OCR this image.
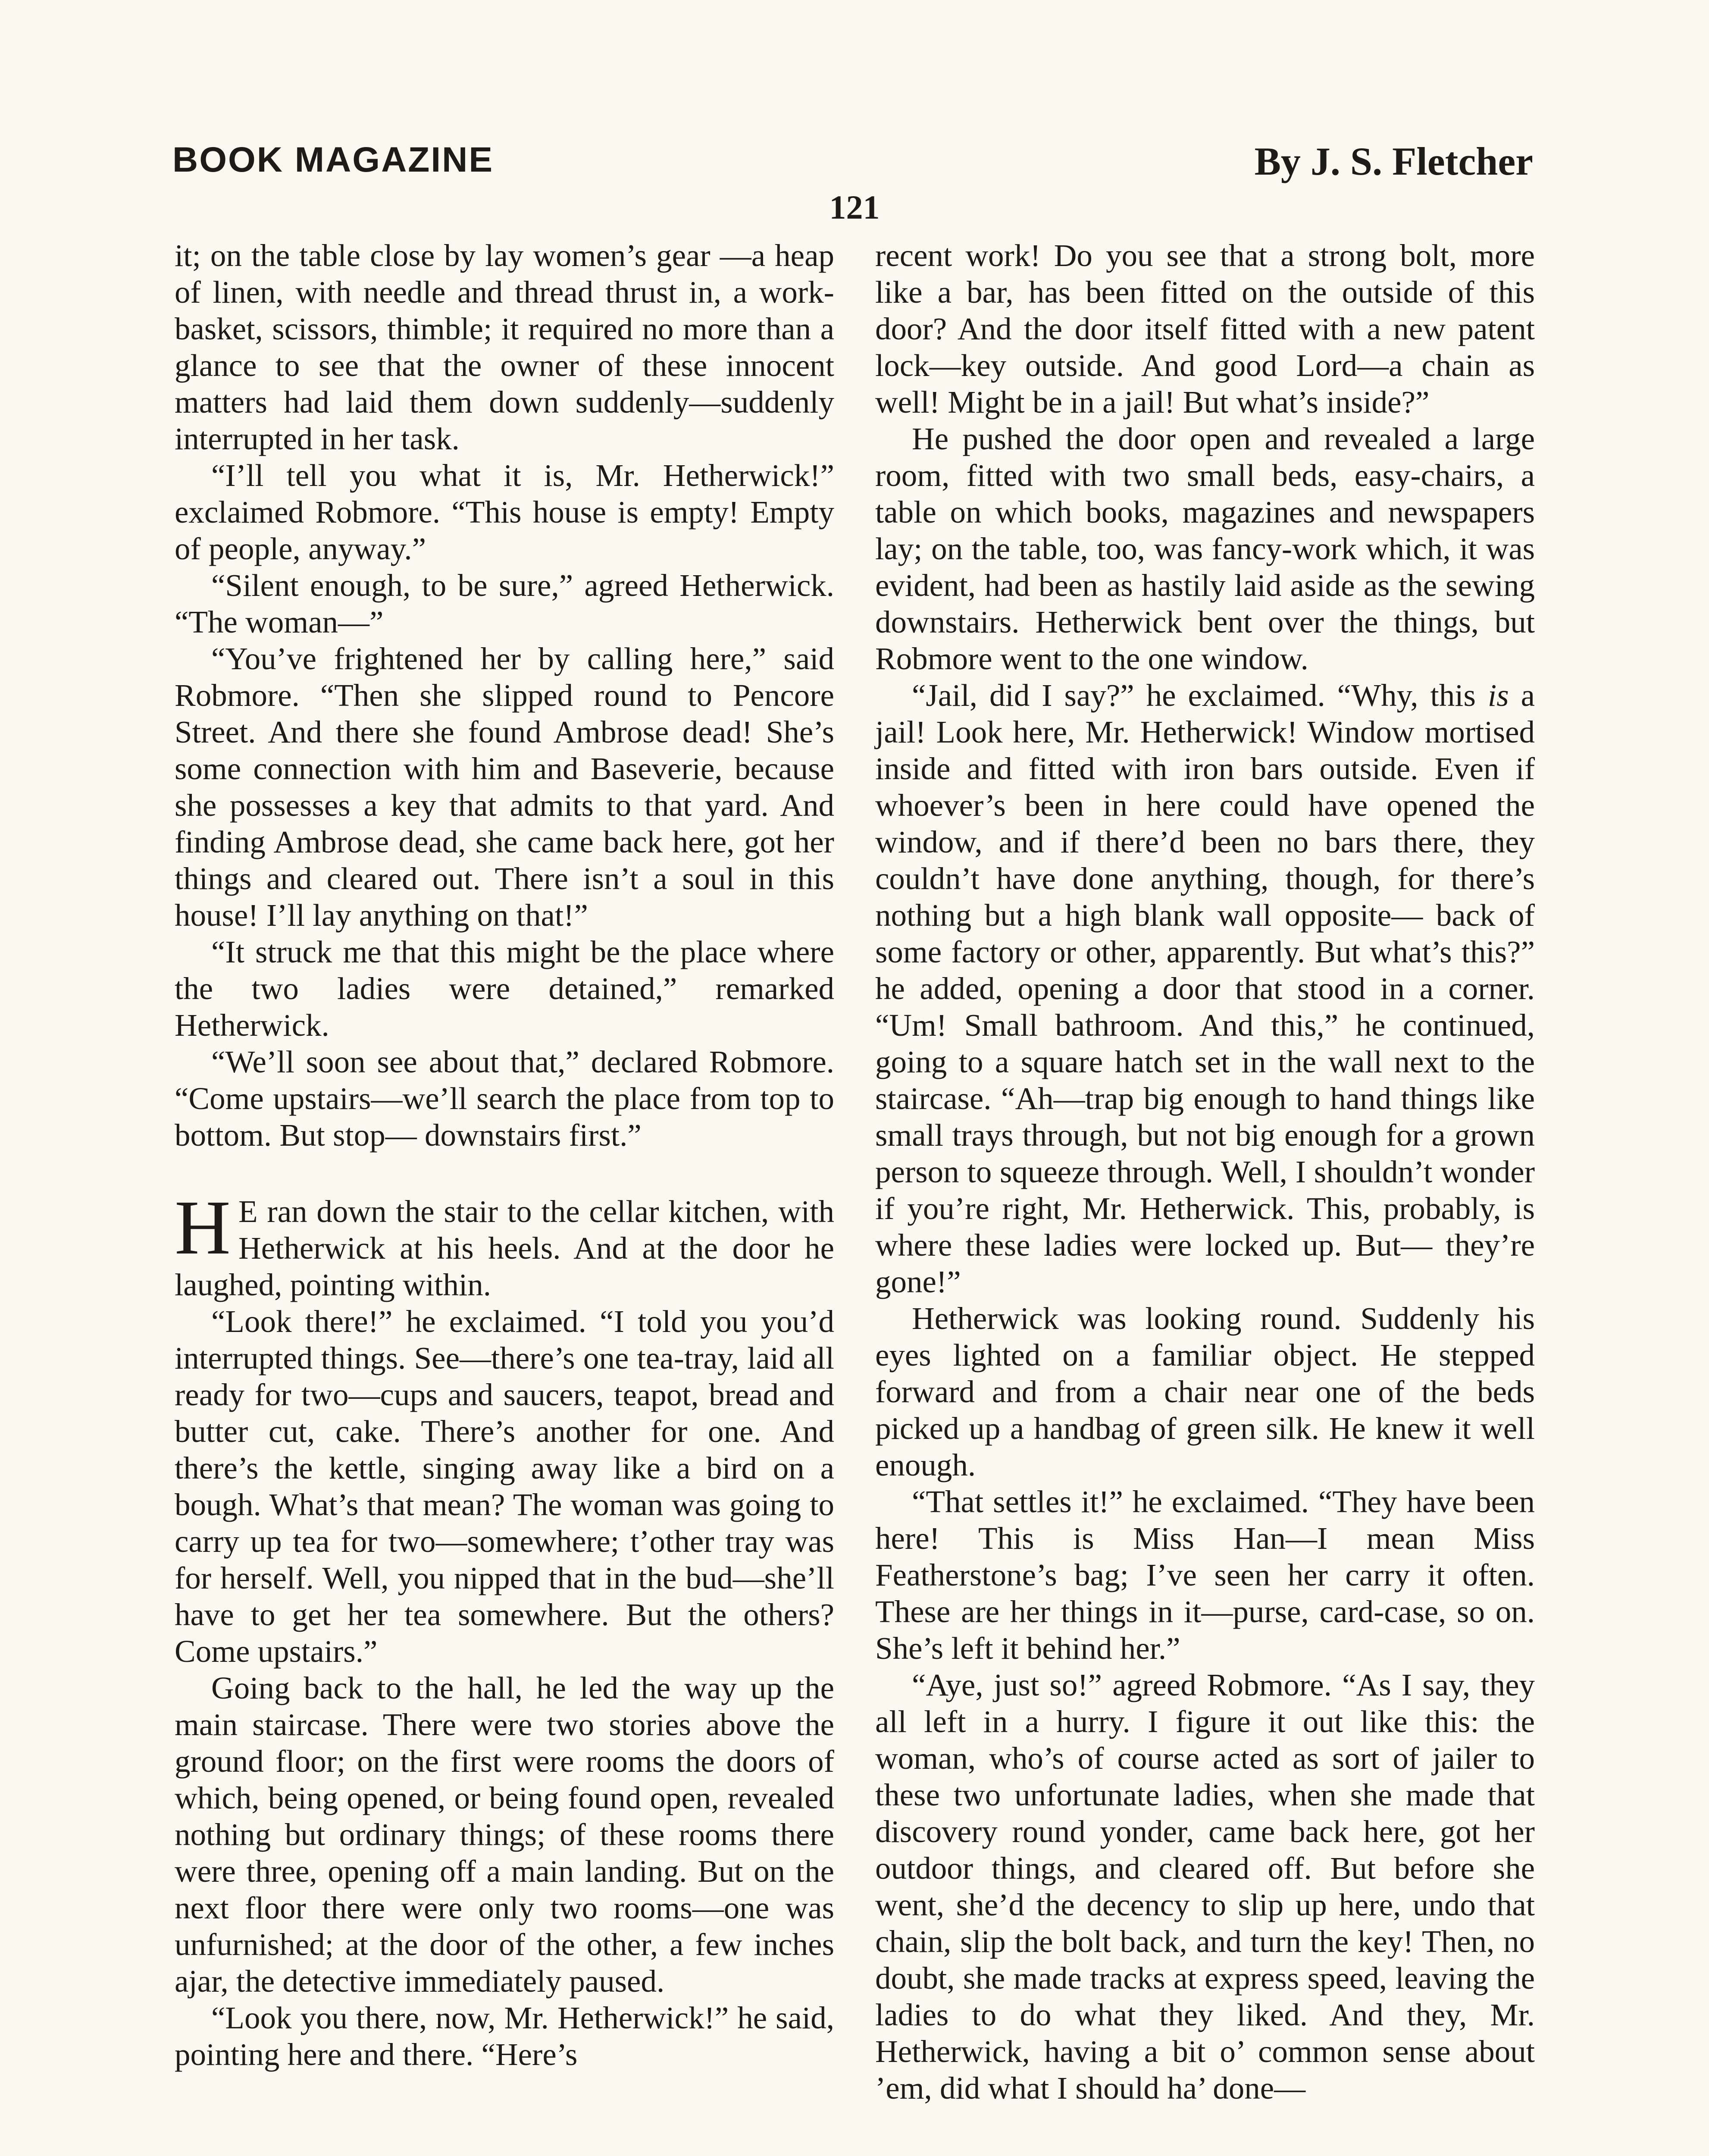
BOOK MAGAZINE	By J. S. Fletcher
121

it; on the table close by lay women’s gear —a heap of linen, with needle and thread thrust in, a work-basket, scissors, thimble; it required no more than a glance to see that the owner of these innocent matters had laid them down suddenly—suddenly interrupted in her task.

“I’ll tell you what it is, Mr. Hetherwick!” exclaimed Robmore. “This house is empty! Empty of people, anyway.”

“Silent enough, to be sure,” agreed Hetherwick. “The woman—”

“You’ve frightened her by calling here,” said Robmore. “Then she slipped round to Pencore Street. And there she found Ambrose dead! She’s some connection with him and Baseverie, because she possesses a key that admits to that yard. And finding Ambrose dead, she came back here, got her things and cleared out. There isn’t a soul in this house! I’ll lay anything on that!”

“It struck me that this might be the place where the two ladies were detained,” remarked Hetherwick.

“We’ll soon see about that,” declared Robmore. “Come upstairs—we’ll search the place from top to bottom. But stop— downstairs first.”

H E ran down the stair to the cellar kitchen, with Hetherwick at his heels. And at the door he laughed, pointing within.

“Look there!” he exclaimed. “I told you you’d interrupted things. See—there’s one tea-tray, laid all ready for two—cups and saucers, teapot, bread and butter cut, cake. There’s another for one. And there’s the kettle, singing away like a bird on a bough. What’s that mean? The woman was going to carry up tea for two—somewhere; t’other tray was for herself. Well, you nipped that in the bud—she’ll have to get her tea somewhere. But the others? Come upstairs.”

Going back to the hall, he led the way up the main staircase. There were two stories above the ground floor; on the first were rooms the doors of which, being opened, or being found open, revealed nothing but ordinary things; of these rooms there were three, opening off a main landing. But on the next floor there were only two rooms—one was unfurnished; at the door of the other, a few inches ajar, the detective immediately paused.

“Look you there, now, Mr. Hetherwick!” he said, pointing here and there. “Here’s

recent work! Do you see that a strong bolt, more like a bar, has been fitted on the outside of this door? And the door itself fitted with a new patent lock—key outside. And good Lord—a chain as well! Might be in a jail! But what’s inside?”

He pushed the door open and revealed a large room, fitted with two small beds, easy-chairs, a table on which books, magazines and newspapers lay; on the table, too, was fancy-work which, it was evident, had been as hastily laid aside as the sewing downstairs. Hetherwick bent over the things, but Robmore went to the one window.

“Jail, did I say?” he exclaimed. “Why, this is a jail! Look here, Mr. Hetherwick! Window mortised inside and fitted with iron bars outside. Even if whoever’s been in here could have opened the window, and if there’d been no bars there, they couldn’t have done anything, though, for there’s nothing but a high blank wall opposite— back of some factory or other, apparently. But what’s this?” he added, opening a door that stood in a corner. “Um! Small bathroom. And this,” he continued, going to a square hatch set in the wall next to the staircase. “Ah—trap big enough to hand things like small trays through, but not big enough for a grown person to squeeze through. Well, I shouldn’t wonder if you’re right, Mr. Hetherwick. This, probably, is where these ladies were locked up. But— they’re gone!”

Hetherwick was looking round. Suddenly his eyes lighted on a familiar object. He stepped forward and from a chair near one of the beds picked up a handbag of green silk. He knew it well enough.

“That settles it!” he exclaimed. “They have been here! This is Miss Han—I mean Miss Featherstone’s bag; I’ve seen her carry it often. These are her things in it—purse, card-case, so on. She’s left it behind her.”

“Aye, just so!” agreed Robmore. “As I say, they all left in a hurry. I figure it out like this: the woman, who’s of course acted as sort of jailer to these two unfortunate ladies, when she made that discovery round yonder, came back here, got her outdoor things, and cleared off. But before she went, she’d the decency to slip up here, undo that chain, slip the bolt back, and turn the key! Then, no doubt, she made tracks at express speed, leaving the ladies to do what they liked. And they, Mr. Hetherwick, having a bit o’ common sense about ’em, did what I should ha’ done—
